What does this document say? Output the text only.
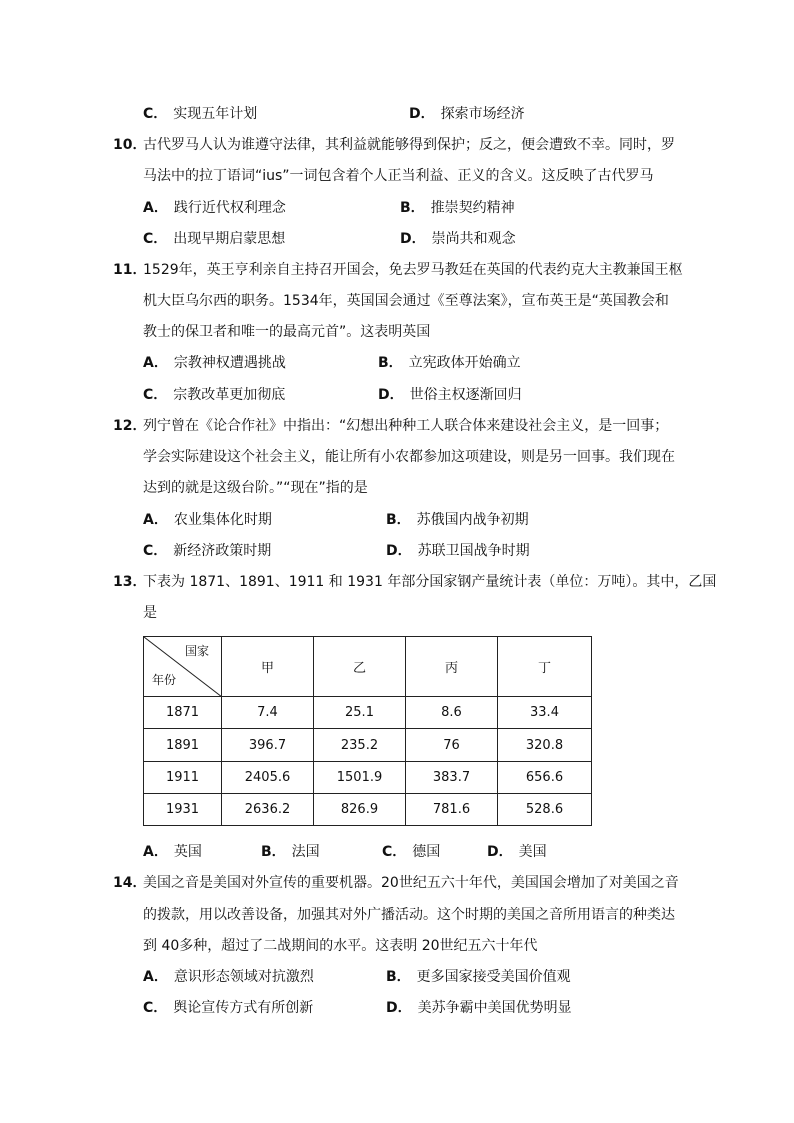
C． 实现五年计划	D． 探索市场经济
10．
古代罗马人认为谁遵守法律，其利益就能够得到保护；反之，便会遭致不幸。同时，罗
马法中的拉丁语词“ius”一词包含着个人正当利益、正义的含义。这反映了古代罗马
A． 践行近代权利理念	B． 推崇契约精神
C． 出现早期启蒙思想	D． 崇尚共和观念
11．
1529年，英王亨利亲自主持召开国会，免去罗马教廷在英国的代表约克大主教兼国王枢
机大臣乌尔西的职务。1534年，英国国会通过《至尊法案》，宣布英王是“英国教会和
教士的保卫者和唯一的最高元首”。这表明英国
A． 宗教神权遭遇挑战	B． 立宪政体开始确立
C． 宗教改革更加彻底	D． 世俗主权逐渐回归
12．
列宁曾在《论合作社》中指出：“幻想出种种工人联合体来建设社会主义，是一回事；
学会实际建设这个社会主义，能让所有小农都参加这项建设，则是另一回事。我们现在
达到的就是这级台阶。”“现在”指的是
A． 农业集体化时期	B． 苏俄国内战争初期
C． 新经济政策时期	D． 苏联卫国战争时期
13．
下表为 1871、1891、1911 和 1931 年部分国家钢产量统计表（单位：万吨）。其中，乙国
是
国家
年份	甲	乙	丙	丁
1871	7.4	25.1	8.6	33.4
1891	396.7	235.2	76	320.8
1911	2405.6	1501.9	383.7	656.6
1931	2636.2	826.9	781.6	528.6
A． 英国	B． 法国	C． 德国	D． 美国
14．
美国之音是美国对外宣传的重要机器。20世纪五六十年代，美国国会增加了对美国之音
的拨款，用以改善设备，加强其对外广播活动。这个时期的美国之音所用语言的种类达
到 40多种，超过了二战期间的水平。这表明 20世纪五六十年代
A． 意识形态领域对抗激烈	B． 更多国家接受美国价值观
C． 舆论宣传方式有所创新	D． 美苏争霸中美国优势明显
